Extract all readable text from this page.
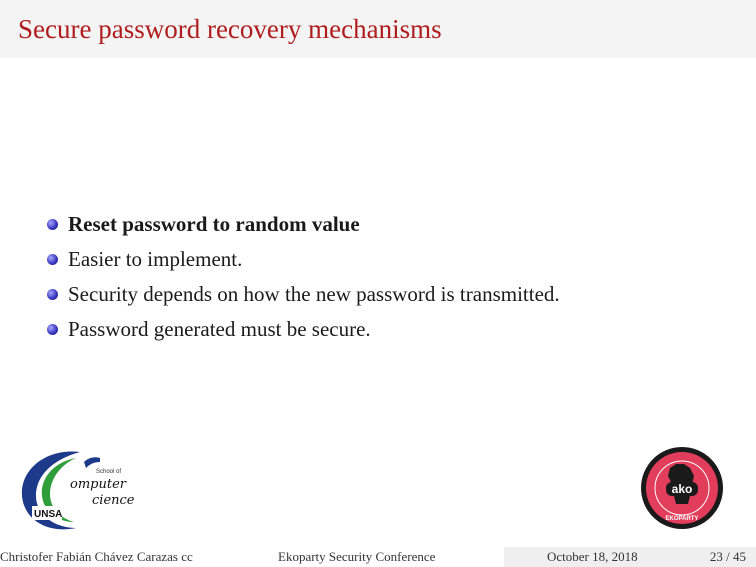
Secure password recovery mechanisms
Reset password to random value
Easier to implement.
Security depends on how the new password is transmitted.
Password generated must be secure.
School of
omputer
cience
UNSA
ako
EKOPARTY
Christofer Fabián Chávez Carazas cc	Ekoparty Security Conference	October 18, 2018	23 / 45
